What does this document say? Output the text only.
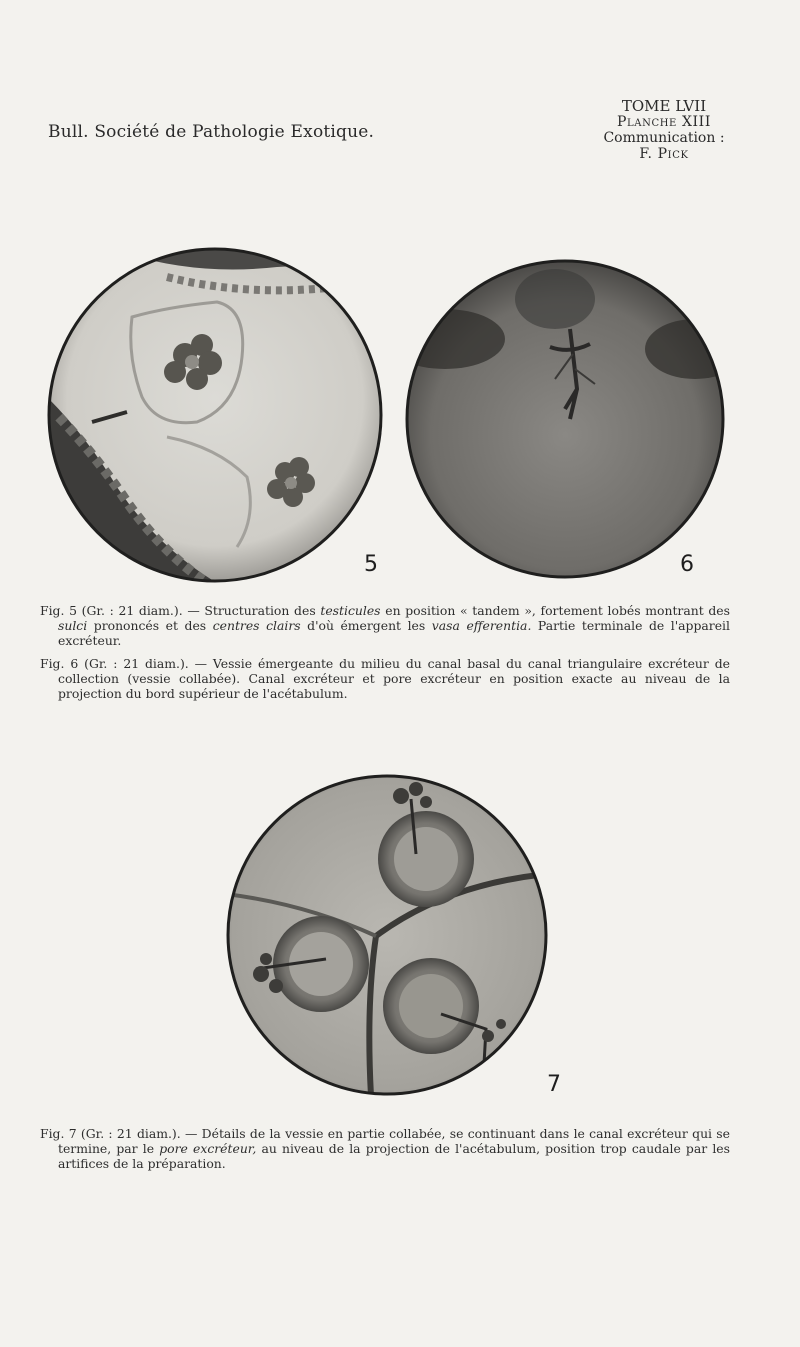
Bull. Société de Pathologie Exotique.
TOME LVII
Planche XIII
Communication :
F. Pick
5	6
Fig. 5 (Gr. : 21 diam.). — Structuration des testicules en position « tandem », fortement lobés montrant des sulci prononcés et des centres clairs d'où émergent les vasa efferentia. Partie terminale de l'appareil excréteur.
Fig. 6 (Gr. : 21 diam.). — Vessie émergeante du milieu du canal basal du canal triangulaire excréteur de collection (vessie collabée). Canal excréteur et pore excréteur en position exacte au niveau de la projection du bord supérieur de l'acétabulum.
7
Fig. 7 (Gr. : 21 diam.). — Détails de la vessie en partie collabée, se continuant dans le canal excréteur qui se termine, par le pore excréteur, au niveau de la projection de l'acétabulum, position trop caudale par les artifices de la préparation.
